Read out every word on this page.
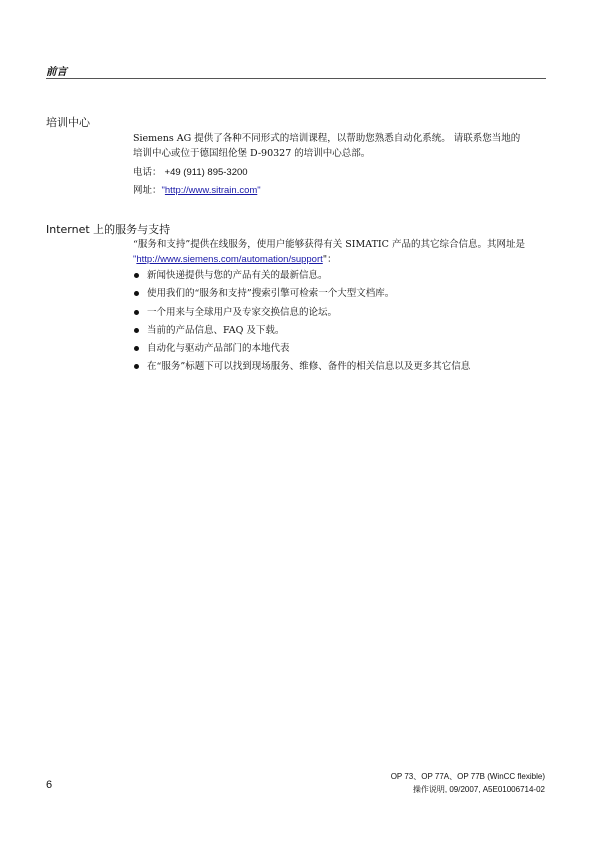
前言
培训中心
Siemens AG 提供了各种不同形式的培训课程，以帮助您熟悉自动化系统。 请联系您当地的
培训中心或位于德国纽伦堡 D-90327 的培训中心总部。
电话： +49 (911) 895-3200
网址："http://www.sitrain.com"
Internet 上的服务与支持
“服务和支持”提供在线服务，使用户能够获得有关 SIMATIC 产品的其它综合信息。其网址是
"http://www.siemens.com/automation/support"：
新闻快递提供与您的产品有关的最新信息。
使用我们的“服务和支持”搜索引擎可检索一个大型文档库。
一个用来与全球用户及专家交换信息的论坛。
当前的产品信息、FAQ 及下载。
自动化与驱动产品部门的本地代表
在“服务”标题下可以找到现场服务、维修、备件的相关信息以及更多其它信息
6
OP 73、OP 77A、OP 77B (WinCC flexible)
操作说明, 09/2007, A5E01006714-02
